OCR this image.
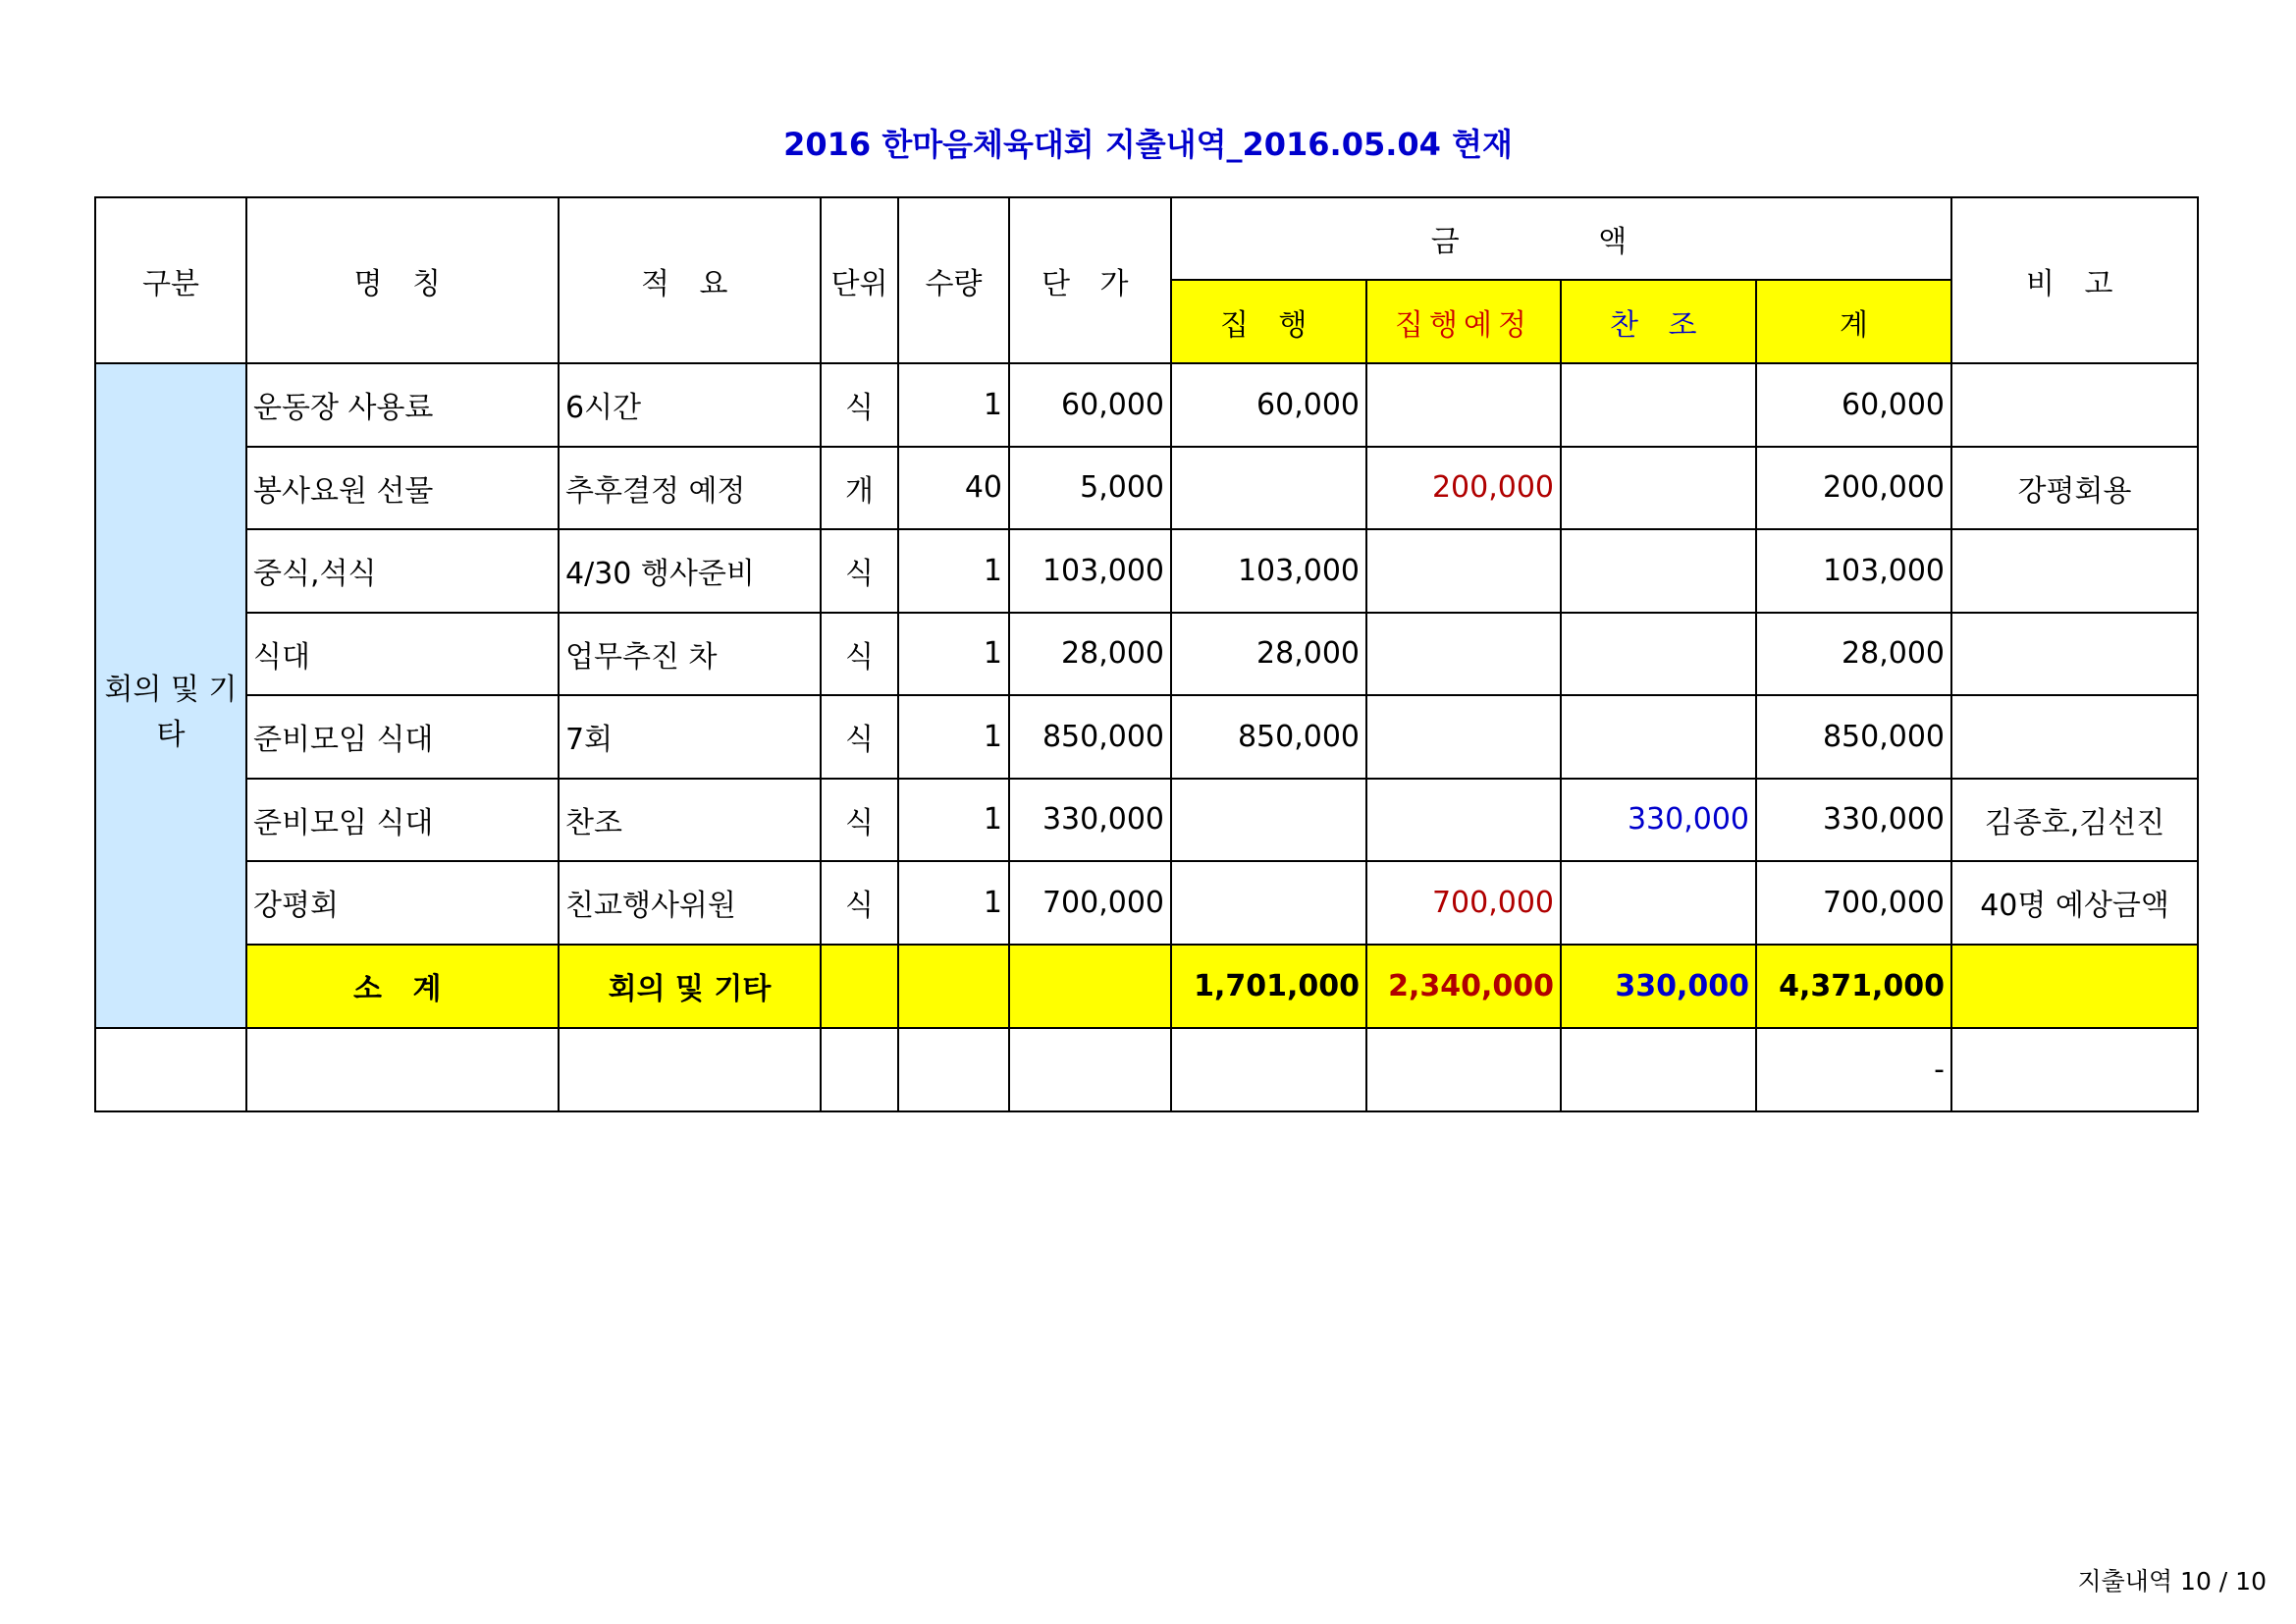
2016 한마음체육대회 지출내역_2016.05.04 현재
구분	명 칭	적 요	단위	수량	단 가	금 액				비 고
						집 행	집행예정	찬 조	계	
회의 및 기타	운동장 사용료	6시간	식	1	60,000	60,000			60,000	
	봉사요원 선물	추후결정 예정	개	40	5,000		200,000		200,000	강평회용
	중식,석식	4/30 행사준비	식	1	103,000	103,000			103,000	
	식대	업무추진 차	식	1	28,000	28,000			28,000	
	준비모임 식대	7회	식	1	850,000	850,000			850,000	
	준비모임 식대	찬조	식	1	330,000			330,000	330,000	김종호,김선진
	강평회	친교행사위원	식	1	700,000		700,000		700,000	40명 예상금액
	소 계	회의 및 기타				1,701,000	2,340,000	330,000	4,371,000	
									-	
지출내역 10 / 10
